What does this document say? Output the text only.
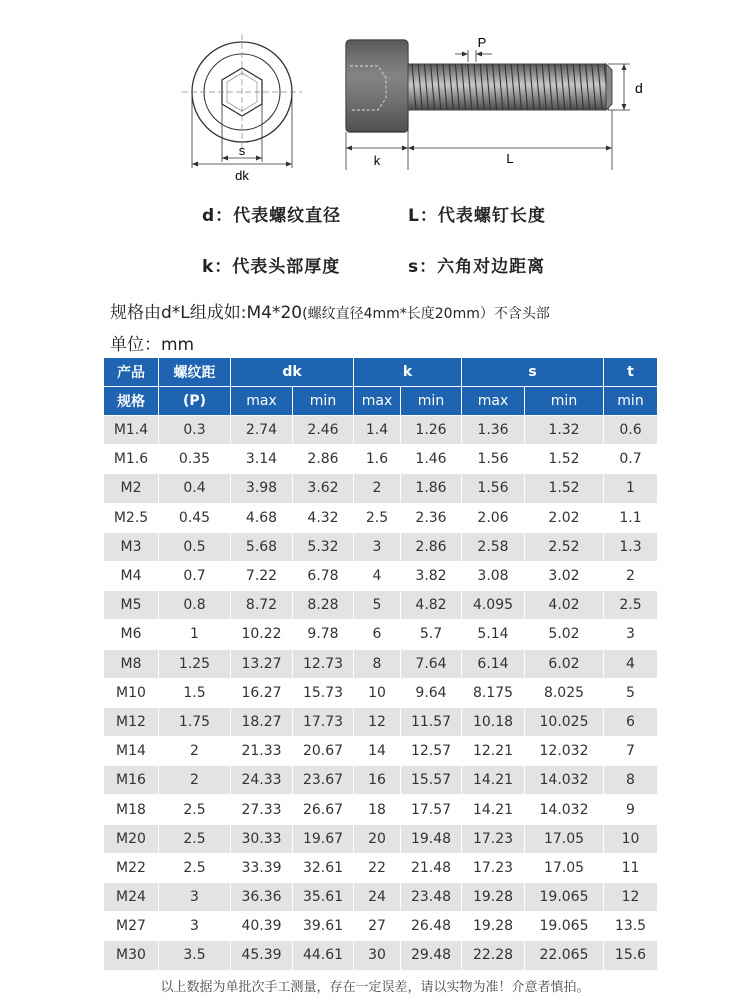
s
dk
P
d
k	L
d：代表螺纹直径	L：代表螺钉长度
k：代表头部厚度	s：六角对边距离
规格由d*L组成如:M4*20(螺纹直径4mm*长度20mm）不含头部
单位：mm
产品	螺纹距	dk		k		s		t
规格	(P)	max	min	max	min	max	min	min
M1.4	0.3	2.74	2.46	1.4	1.26	1.36	1.32	0.6
M1.6	0.35	3.14	2.86	1.6	1.46	1.56	1.52	0.7
M2	0.4	3.98	3.62	2	1.86	1.56	1.52	1
M2.5	0.45	4.68	4.32	2.5	2.36	2.06	2.02	1.1
M3	0.5	5.68	5.32	3	2.86	2.58	2.52	1.3
M4	0.7	7.22	6.78	4	3.82	3.08	3.02	2
M5	0.8	8.72	8.28	5	4.82	4.095	4.02	2.5
M6	1	10.22	9.78	6	5.7	5.14	5.02	3
M8	1.25	13.27	12.73	8	7.64	6.14	6.02	4
M10	1.5	16.27	15.73	10	9.64	8.175	8.025	5
M12	1.75	18.27	17.73	12	11.57	10.18	10.025	6
M14	2	21.33	20.67	14	12.57	12.21	12.032	7
M16	2	24.33	23.67	16	15.57	14.21	14.032	8
M18	2.5	27.33	26.67	18	17.57	14.21	14.032	9
M20	2.5	30.33	19.67	20	19.48	17.23	17.05	10
M22	2.5	33.39	32.61	22	21.48	17.23	17.05	11
M24	3	36.36	35.61	24	23.48	19.28	19.065	12
M27	3	40.39	39.61	27	26.48	19.28	19.065	13.5
M30	3.5	45.39	44.61	30	29.48	22.28	22.065	15.6
以上数据为单批次手工测量，存在一定误差，请以实物为准！介意者慎拍。
